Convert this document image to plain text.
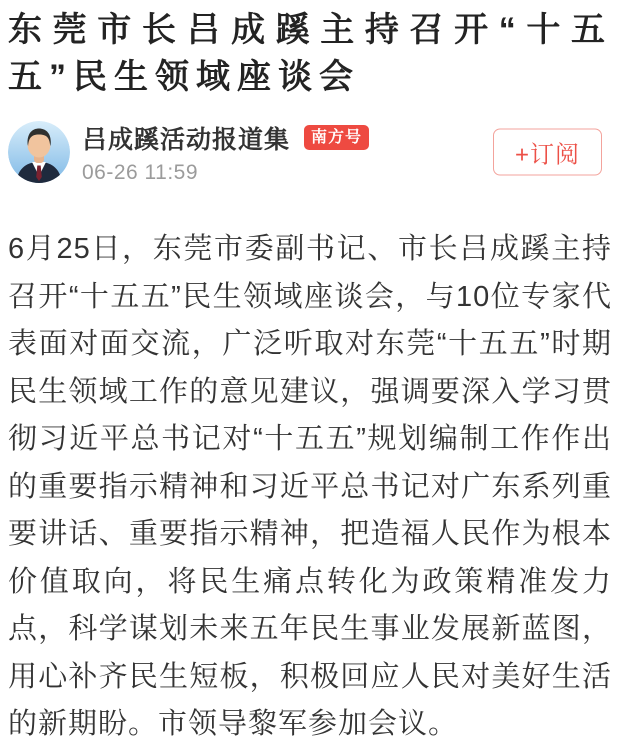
东莞市长吕成蹊主持召开“十五五”民生领域座谈会
吕成蹊活动报道集	南方号
06-26 11:59
+订阅

6月25日，东莞市委副书记、市长吕成蹊主持召开“十五五”民生领域座谈会，与10位专家代表面对面交流，广泛听取对东莞“十五五”时期民生领域工作的意见建议，强调要深入学习贯彻习近平总书记对“十五五”规划编制工作作出的重要指示精神和习近平总书记对广东系列重要讲话、重要指示精神，把造福人民作为根本价值取向，将民生痛点转化为政策精准发力点，科学谋划未来五年民生事业发展新蓝图，用心补齐民生短板，积极回应人民对美好生活的新期盼。市领导黎军参加会议。
